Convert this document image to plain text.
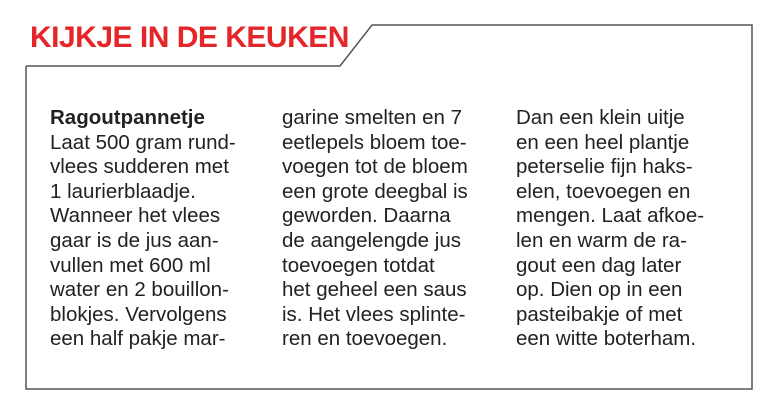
KIJKJE IN DE KEUKEN
Ragoutpannetje
Laat 500 gram rund-
vlees sudderen met
1 laurierblaadje.
Wanneer het vlees
gaar is de jus aan-
vullen met 600 ml
water en 2 bouillon-
blokjes. Vervolgens
een half pakje mar-
garine smelten en 7
eetlepels bloem toe-
voegen tot de bloem
een grote deegbal is
geworden. Daarna
de aangelengde jus
toevoegen totdat
het geheel een saus
is. Het vlees splinte-
ren en toevoegen.
Dan een klein uitje
en een heel plantje
peterselie fijn haks-
elen, toevoegen en
mengen. Laat afkoe-
len en warm de ra-
gout een dag later
op. Dien op in een
pasteibakje of met
een witte boterham.
